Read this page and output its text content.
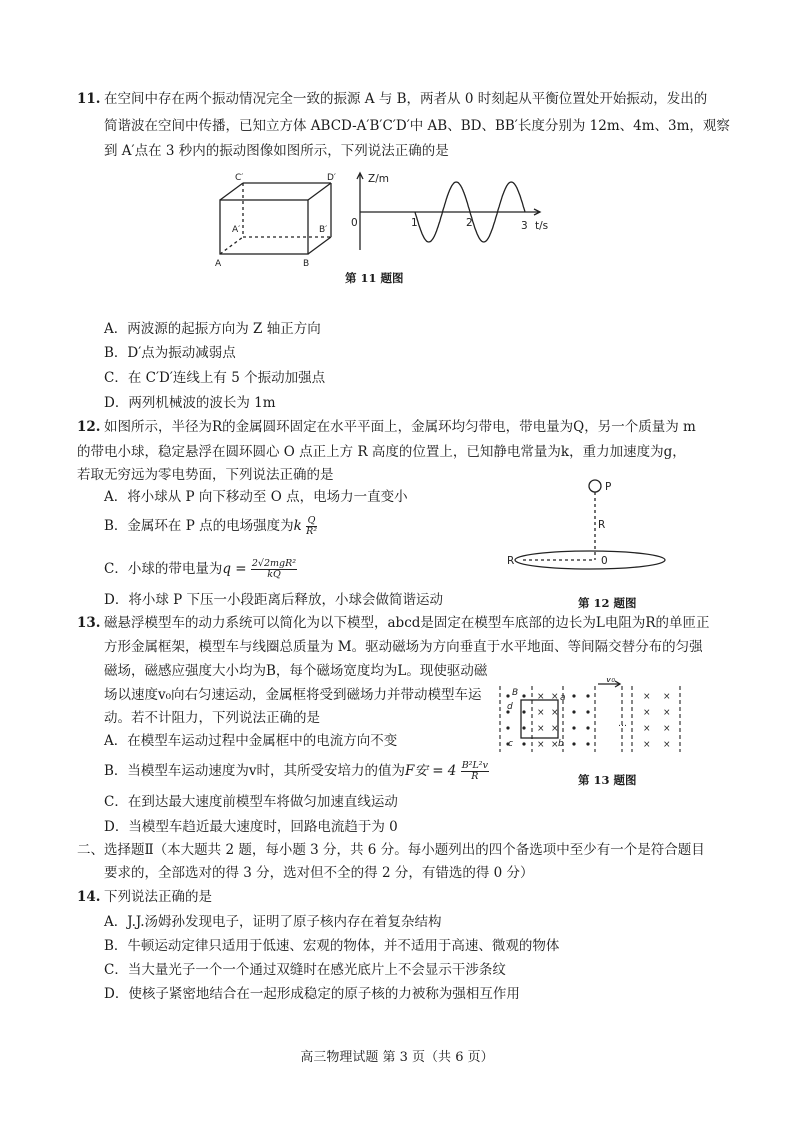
11. 在空间中存在两个振动情况完全一致的振源 A 与 B，两者从 0 时刻起从平衡位置处开始振动，发出的
简谐波在空间中传播，已知立方体 ABCD-A′B′C′D′中 AB、BD、BB′长度分别为 12m、4m、3m，观察
到 A′点在 3 秒内的振动图像如图所示，下列说法正确的是
C′	D′
A′	B′
A	B
Z/m
0	1	2	3 t/s
第 11 题图
A．两波源的起振方向为 Z 轴正方向
B．D′点为振动减弱点
C．在 C′D′连线上有 5 个振动加强点
D．两列机械波的波长为 1m
12. 如图所示，半径为R的金属圆环固定在水平平面上，金属环均匀带电，带电量为Q，另一个质量为 m
的带电小球，稳定悬浮在圆环圆心 O 点正上方 R 高度的位置上，已知静电常量为k，重力加速度为g，
若取无穷远为零电势面，下列说法正确的是
A．将小球从 P 向下移动至 O 点，电场力一直变小
B．金属环在 P 点的电场强度为k $\frac{Q}{\text{R²}}$
C．小球的带电量为$q = \frac{\text{2√2mgR²}}{kQ}$
D．将小球 P 下压一小段距离后释放，小球会做简谐运动
P
R
R	0
第 12 题图
13. 磁悬浮模型车的动力系统可以简化为以下模型，abcd是固定在模型车底部的边长为L电阻为R的单匝正
方形金属框架，模型车与线圈总质量为 M。驱动磁场为方向垂直于水平地面、等间隔交替分布的匀强
磁场，磁感应强度大小均为B，每个磁场宽度均为L。现使驱动磁
场以速度v₀向右匀速运动，金属框将受到磁场力并带动模型车运
动。若不计阻力，下列说法正确的是
A．在模型车运动过程中金属框中的电流方向不变
B．当模型车运动速度为v时，其所受安培力的值为F安 = $4 \frac{\text{B²L²v}}{R}$
C．在到达最大速度前模型车将做匀加速直线运动
D．当模型车趋近最大速度时，回路电流趋于为 0
×
×
×
×
×
×
×
×
×
×
×
×
×
×
×
×
B	a
d
c	b
v₀
…
第 13 题图
二、选择题Ⅱ（本大题共 2 题，每小题 3 分，共 6 分。每小题列出的四个备选项中至少有一个是符合题目
要求的，全部选对的得 3 分，选对但不全的得 2 分，有错选的得 0 分）
14. 下列说法正确的是
A．J.J.汤姆孙发现电子，证明了原子核内存在着复杂结构
B．牛顿运动定律只适用于低速、宏观的物体，并不适用于高速、微观的物体
C．当大量光子一个一个通过双缝时在感光底片上不会显示干涉条纹
D．使核子紧密地结合在一起形成稳定的原子核的力被称为强相互作用
高三物理试题 第 3 页（共 6 页）
